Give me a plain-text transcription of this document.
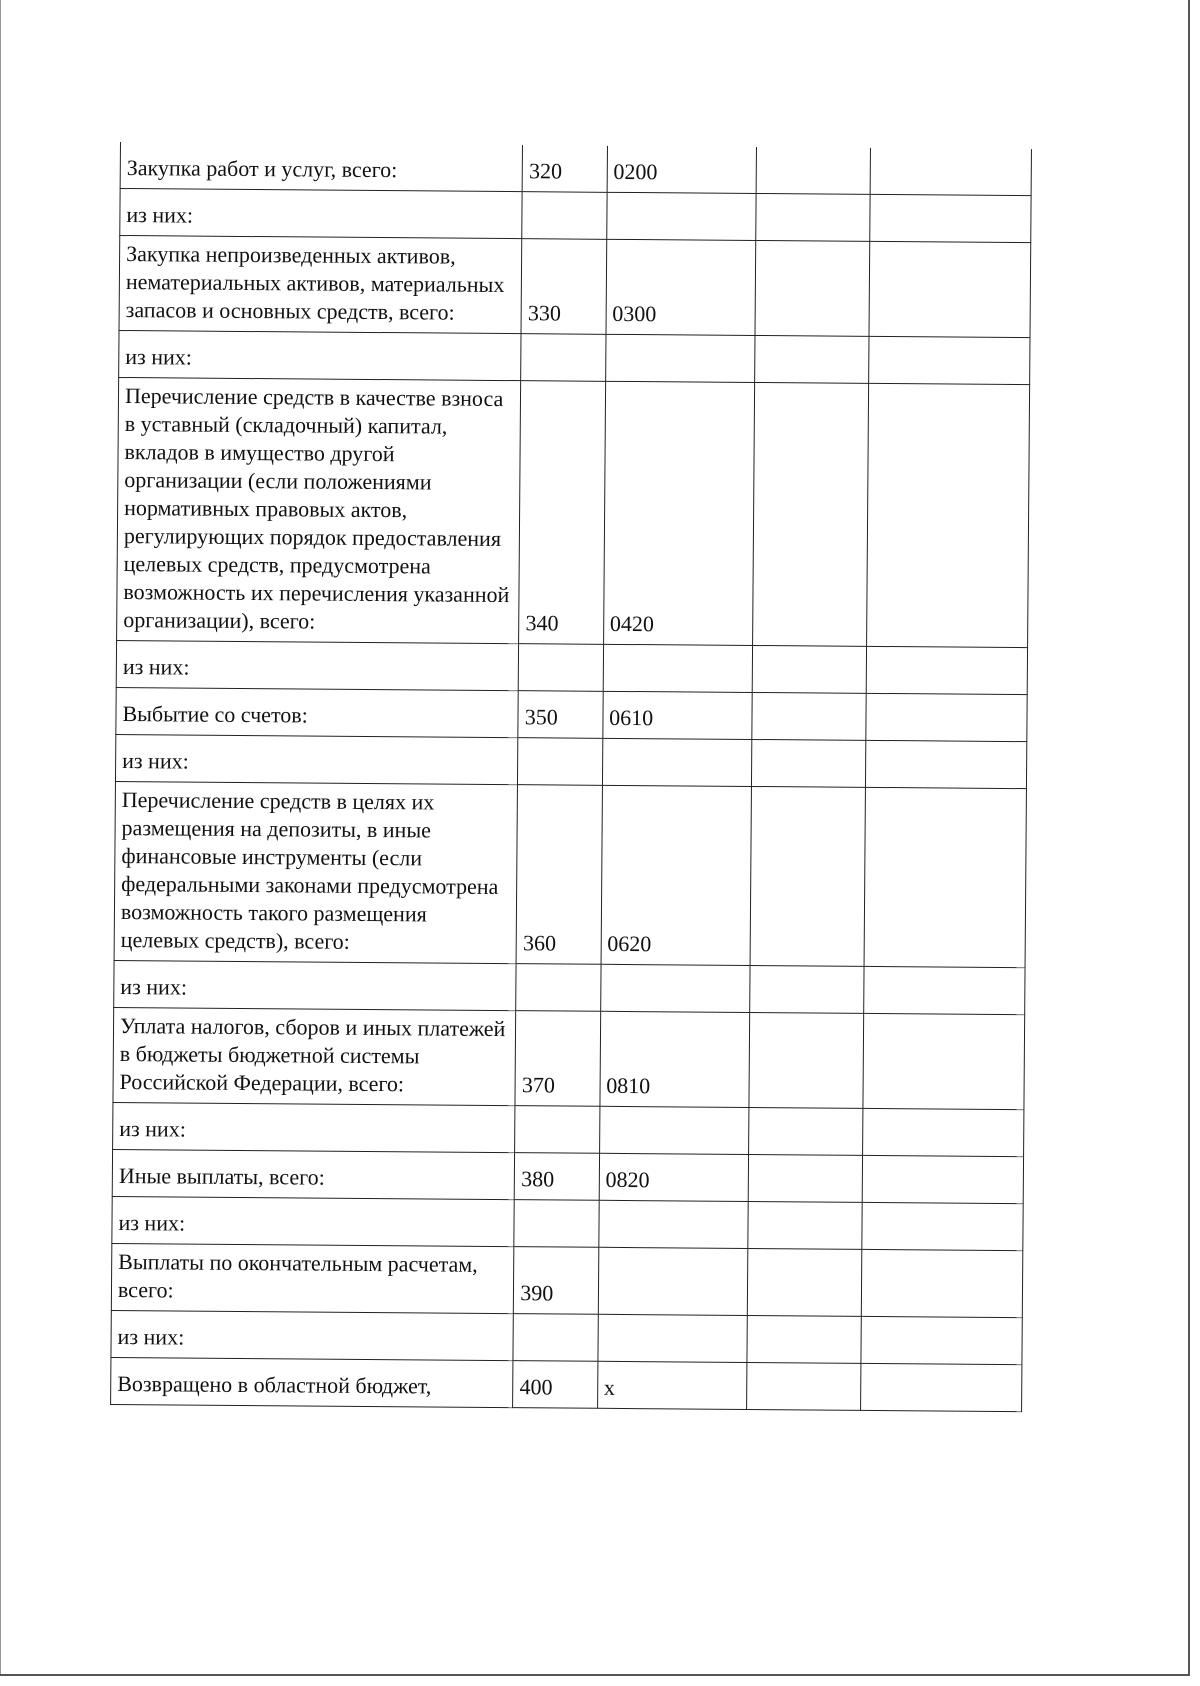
Закупка работ и услуг, всего:	320	0200		
из них:				
Закупка непроизведенных активов, нематериальных активов, материальных запасов и основных средств, всего:	330	0300		
из них:				
Перечисление средств в качестве взноса в уставный (складочный) капитал, вкладов в имущество другой организации (если положениями нормативных правовых актов, регулирующих порядок предоставления целевых средств, предусмотрена возможность их перечисления указанной организации), всего:	340	0420		
из них:				
Выбытие со счетов:	350	0610		
из них:				
Перечисление средств в целях их размещения на депозиты, в иные финансовые инструменты (если федеральными законами предусмотрена возможность такого размещения целевых средств), всего:	360	0620		
из них:				
Уплата налогов, сборов и иных платежей в бюджеты бюджетной системы Российской Федерации, всего:	370	0810		
из них:				
Иные выплаты, всего:	380	0820		
из них:				
Выплаты по окончательным расчетам, всего:	390			
из них:				
Возвращено в областной бюджет,	400	x		
